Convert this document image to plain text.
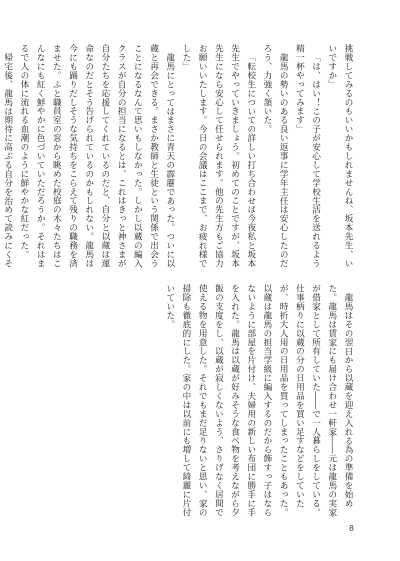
挑戦してみるのもいいかもしれませんね、坂本先生、いいですか」

「は、はい！この子が安心して学校生活を送れるよう精一杯やってみます」

龍馬の勢いのある良い返事に学年主任は安心したのだろう、力強く頷いた。

「転校生についての詳しい打ち合わせは今夜私と坂本先生でやっていきましょう。初めてのことですが、坂本先生になら安心して任せられます。他の先生方もご協力お願いいたします。今日の会議はここまで、お疲れ様でした」

龍馬にとってはまさに青天の霹靂であった。ついに以蔵と再会できる。まさか教師と生徒という関係で出会うことになるなんて思いもしなかった。しかし以蔵の編入クラスが自分の担当になるとは、これはきっと神さまが自分たちを応援してくれているのだと、自分と以蔵は運命なのだとそう告げられているのかもしれない。龍馬は今にも踊りだしそうな気持ちをこらえて残りの職務を済ませた。ふと職員室の窓から眺めた校庭の木々たちはこんなにも紅く鮮やかに色づいていただろうか。それはまるで人の体に流れる血潮のように鮮やかな紅だった。

帰宅後、龍馬は期待に高ぶる自分を治めて読みにくそ

龍馬はその翌日から以蔵を迎え入れる為の準備を始めた。龍馬は賃家にも届け合わせ一軒家――元は龍馬の実家が借家として所有していた――で一人暮らしをしている。仕事柄りに以蔵の分の日用品を買い足すなどをしていたが、時折大人用の日用品を買ってしまったこともあった。以蔵は龍馬の担当学級に編入するのだから飾すっ子はならないように部屋を片付け、夫婦用の新しい布団に勝手に手を入れた。龍馬は以蔵が好みそうな食べ物を考えながら夕飯の支度をし、以蔵が寂しくないよう、さりげなく居間で使える物を用意した。それでもまだ足りないと思い、家の掃除も徹底的にした。家の中は以前にも増して綺麗に片付いていた。

8
